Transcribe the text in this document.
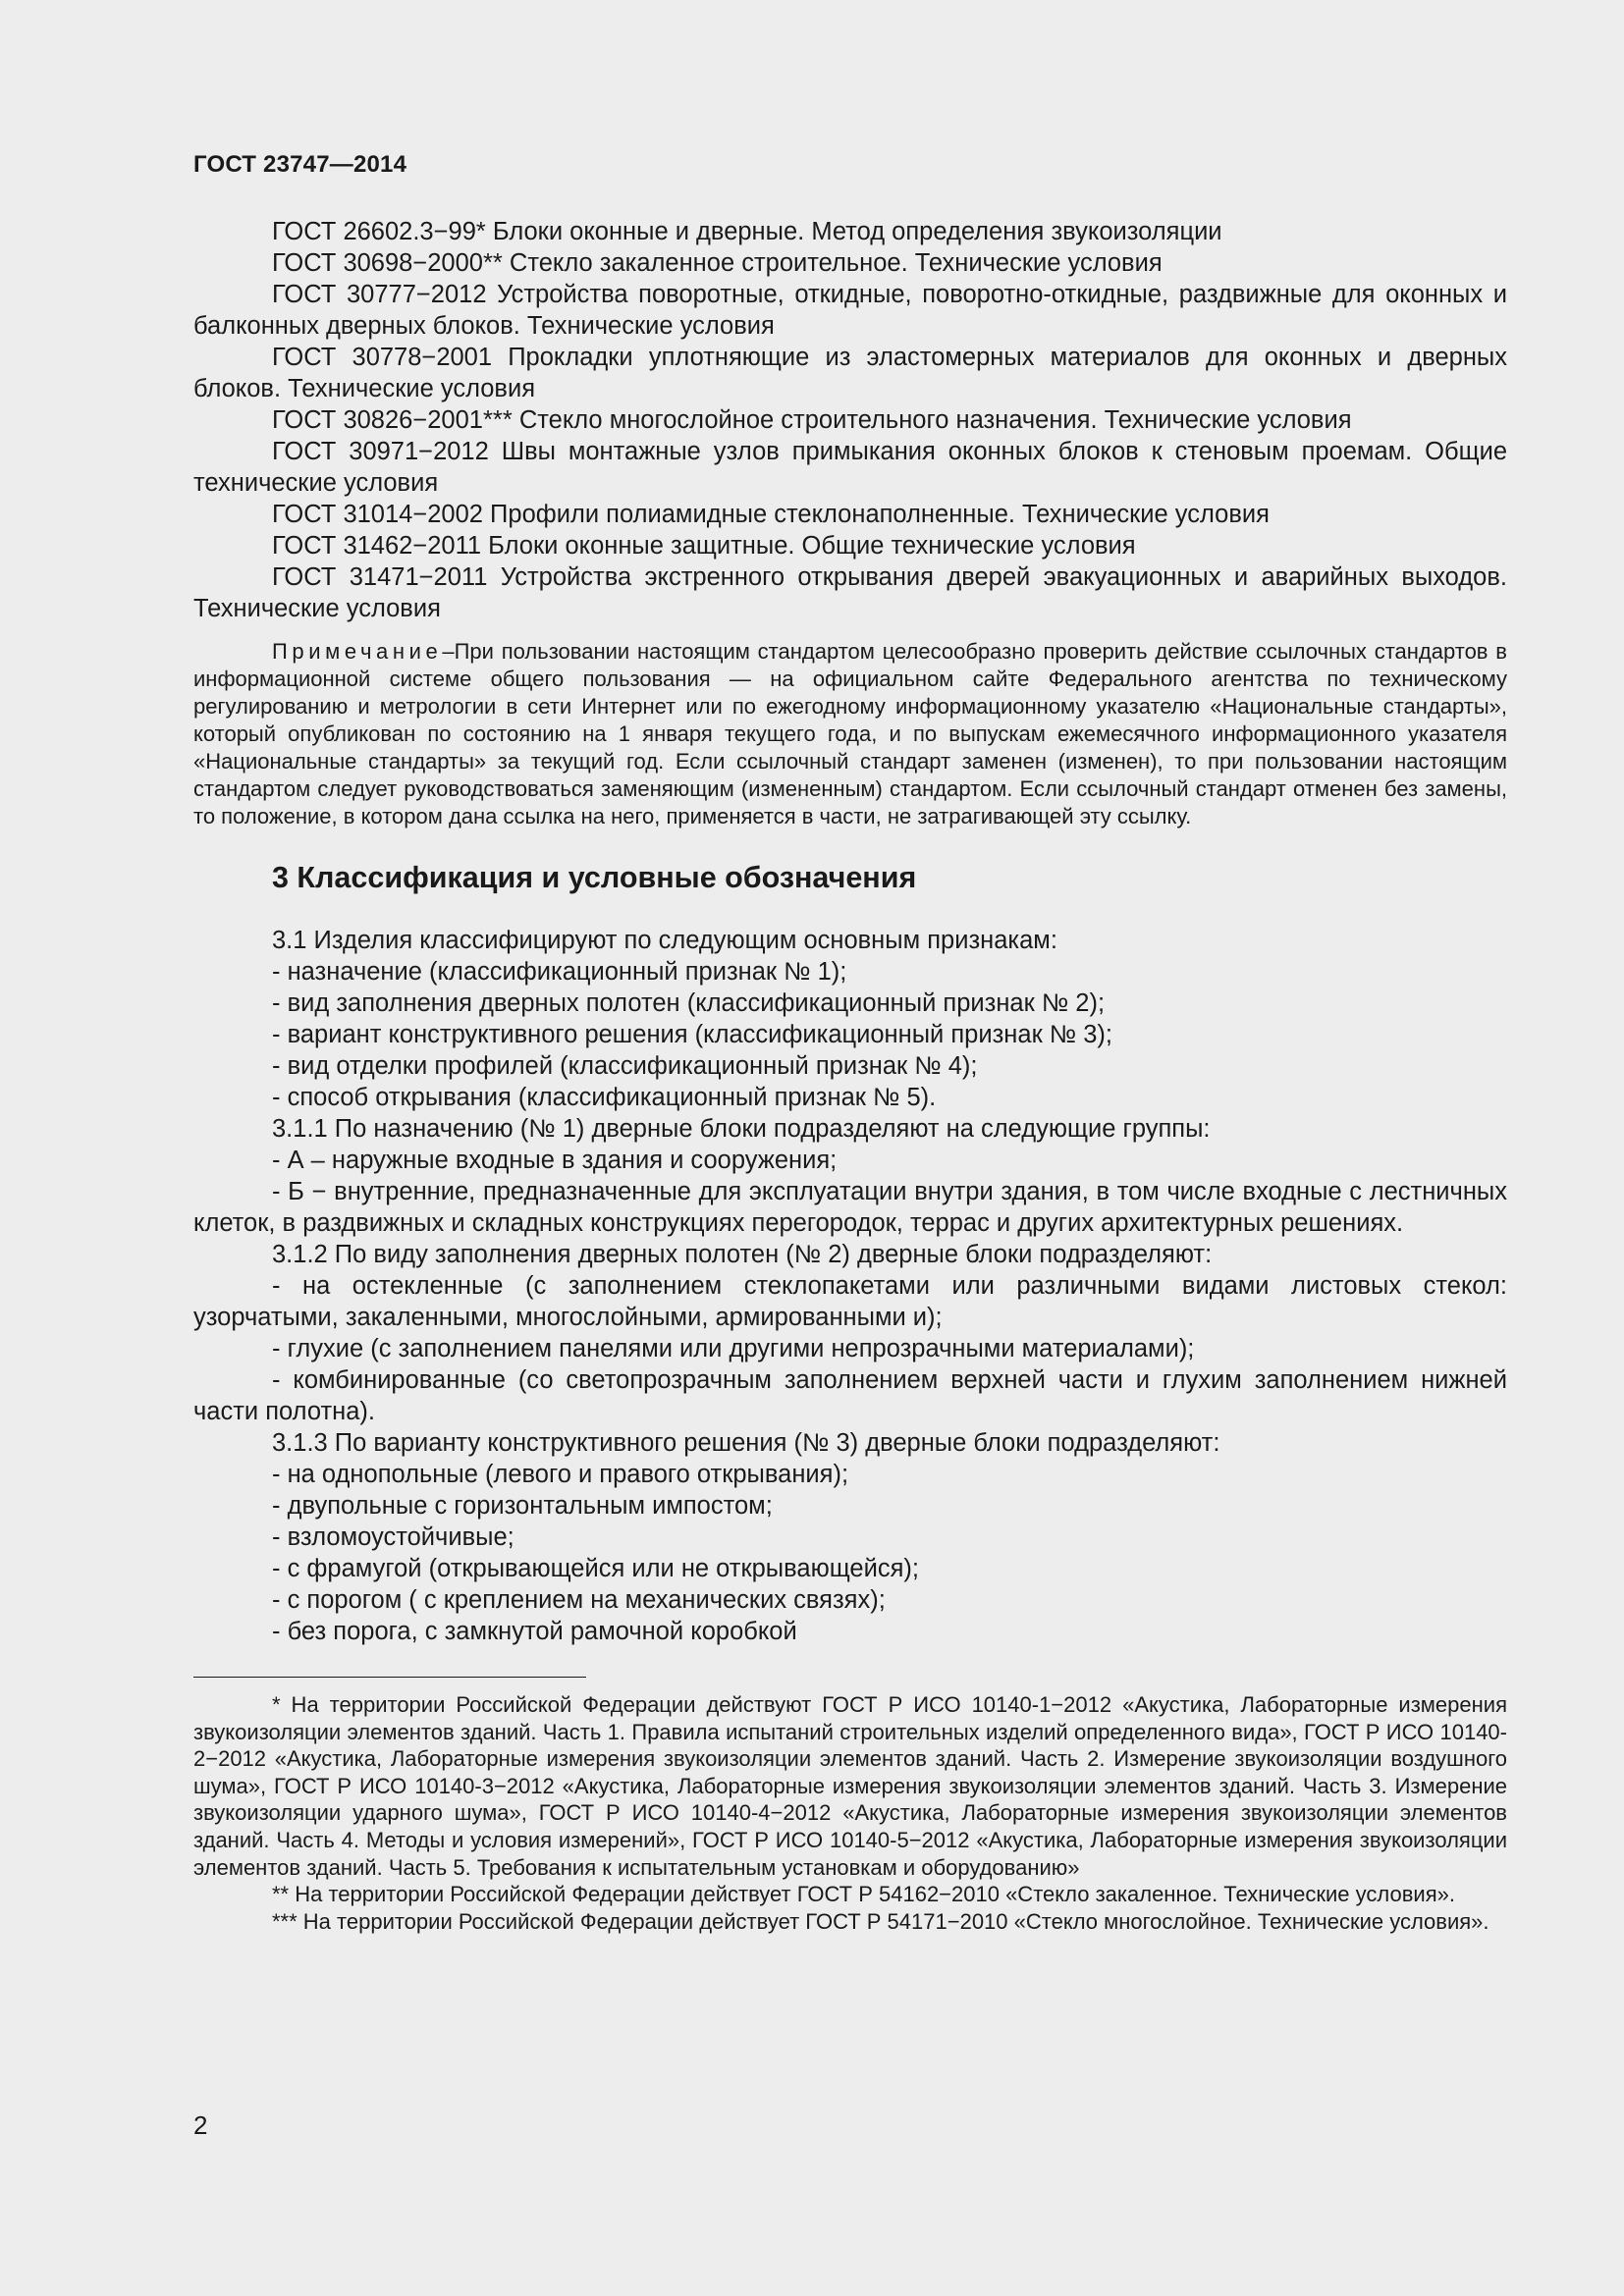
ГОСТ 23747—2014

ГОСТ 26602.3−99* Блоки оконные и дверные. Метод определения звукоизоляции

ГОСТ 30698−2000** Стекло закаленное строительное. Технические условия

ГОСТ 30777−2012 Устройства поворотные, откидные, поворотно-откидные, раздвижные для оконных и балконных дверных блоков. Технические условия

ГОСТ 30778−2001 Прокладки уплотняющие из эластомерных материалов для оконных и дверных блоков. Технические условия

ГОСТ 30826−2001*** Стекло многослойное строительного назначения. Технические условия

ГОСТ 30971−2012 Швы монтажные узлов примыкания оконных блоков к стеновым проемам. Общие технические условия

ГОСТ 31014−2002 Профили полиамидные стеклонаполненные. Технические условия

ГОСТ 31462−2011 Блоки оконные защитные. Общие технические условия

ГОСТ 31471−2011 Устройства экстренного открывания дверей эвакуационных и аварийных выходов. Технические условия

Примечание–При пользовании настоящим стандартом целесообразно проверить действие ссылочных стандартов в информационной системе общего пользования — на официальном сайте Федерального агентства по техническому регулированию и метрологии в сети Интернет или по ежегодному информационному указателю «Национальные стандарты», который опубликован по состоянию на 1 января текущего года, и по выпускам ежемесячного информационного указателя «Национальные стандарты» за текущий год. Если ссылочный стандарт заменен (изменен), то при пользовании настоящим стандартом следует руководствоваться заменяющим (измененным) стандартом. Если ссылочный стандарт отменен без замены, то положение, в котором дана ссылка на него, применяется в части, не затрагивающей эту ссылку.

3 Классификация и условные обозначения

3.1 Изделия классифицируют по следующим основным признакам:

- назначение (классификационный признак № 1);

- вид заполнения дверных полотен (классификационный признак № 2);

- вариант конструктивного решения (классификационный признак № 3);

- вид отделки профилей (классификационный признак № 4);

- способ открывания (классификационный признак № 5).

3.1.1 По назначению (№ 1) дверные блоки подразделяют на следующие группы:

- А – наружные входные в здания и сооружения;

- Б − внутренние, предназначенные для эксплуатации внутри здания, в том числе входные с лестничных клеток, в раздвижных и складных конструкциях перегородок, террас и других архитектурных решениях.

3.1.2 По виду заполнения дверных полотен (№ 2) дверные блоки подразделяют:

- на остекленные (с заполнением стеклопакетами или различными видами листовых стекол: узорчатыми, закаленными, многослойными, армированными и);

- глухие (с заполнением панелями или другими непрозрачными материалами);

- комбинированные (со светопрозрачным заполнением верхней части и глухим заполнением нижней части полотна).

3.1.3 По варианту конструктивного решения (№ 3) дверные блоки подразделяют:

- на однопольные (левого и правого открывания);

- двупольные с горизонтальным импостом;

- взломоустойчивые;

- с фрамугой (открывающейся или не открывающейся);

- с порогом ( с креплением на механических связях);

- без порога, с замкнутой рамочной коробкой

* На территории Российской Федерации действуют ГОСТ Р ИСО 10140-1−2012 «Акустика, Лабораторные измерения звукоизоляции элементов зданий. Часть 1. Правила испытаний строительных изделий определенного вида», ГОСТ Р ИСО 10140-2−2012 «Акустика, Лабораторные измерения звукоизоляции элементов зданий. Часть 2. Измерение звукоизоляции воздушного шума», ГОСТ Р ИСО 10140-3−2012 «Акустика, Лабораторные измерения звукоизоляции элементов зданий. Часть 3. Измерение звукоизоляции ударного шума», ГОСТ Р ИСО 10140-4−2012 «Акустика, Лабораторные измерения звукоизоляции элементов зданий. Часть 4. Методы и условия измерений», ГОСТ Р ИСО 10140-5−2012 «Акустика, Лабораторные измерения звукоизоляции элементов зданий. Часть 5. Требования к испытательным установкам и оборудованию»

** На территории Российской Федерации действует ГОСТ Р 54162−2010 «Стекло закаленное. Технические условия».

*** На территории Российской Федерации действует ГОСТ Р 54171−2010 «Стекло многослойное. Технические условия».

2
